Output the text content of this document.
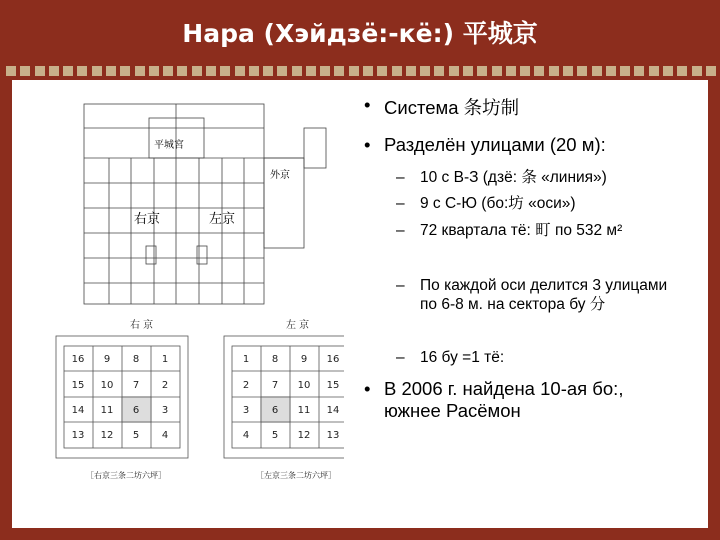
Нара (Хэйдзё:-кё:) 平城京
平城宮
外京
右京	左京
右 京	左 京
16 9 8 1
15 10 7 2
14 11 6 3
13 12 5 4
1 8 9 16
2 7 10 15
3 6 11 14
4 5 12 13
［右京三条二坊六坪］	［左京三条二坊六坪］
• Система 条坊制
• Разделён улицами (20 м):
– 10 с В-З (дзё: 条 «линия»)
– 9 с С-Ю (бо:坊 «оси»)
– 72 квартала тё: 町 по 532 м²
– По каждой оси делится 3 улицами по 6-8 м. на сектора бу 分
– 16 бу =1 тё:
• В 2006 г. найдена 10-ая бо:, южнее Расёмон
